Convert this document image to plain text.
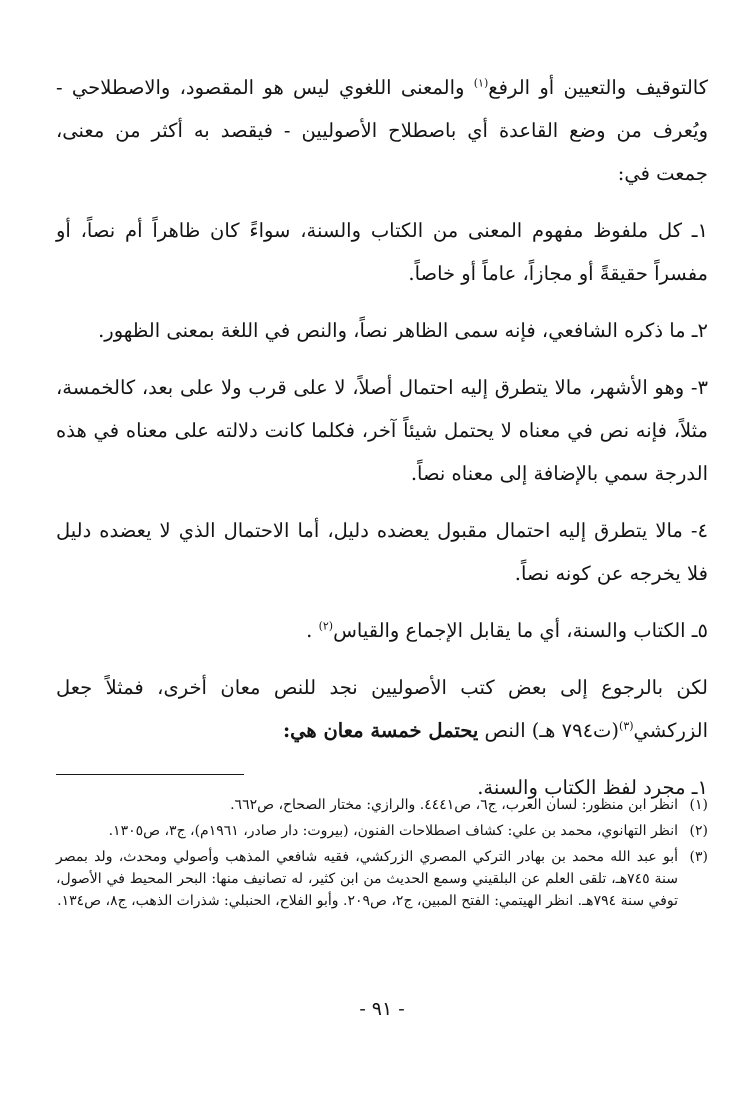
كالتوقيف والتعيين أو الرفع$^{(١)}$ والمعنى اللغوي ليس هو المقصود، والاصطلاحي - ويُعرف من وضع القاعدة أي باصطلاح الأصوليين - فيقصد به أكثر من معنى، جمعت في:

١ـ كل ملفوظ مفهوم المعنى من الكتاب والسنة، سواءً كان ظاهراً أم نصاً، أو مفسراً حقيقةً أو مجازاً، عاماً أو خاصاً.

٢ـ ما ذكره الشافعي، فإنه سمى الظاهر نصاً، والنص في اللغة بمعنى الظهور.

٣- وهو الأشهر، مالا يتطرق إليه احتمال أصلاً، لا على قرب ولا على بعد، كالخمسة، مثلاً، فإنه نص في معناه لا يحتمل شيئاً آخر، فكلما كانت دلالته على معناه في هذه الدرجة سمي بالإضافة إلى معناه نصاً.

٤- مالا يتطرق إليه احتمال مقبول يعضده دليل، أما الاحتمال الذي لا يعضده دليل فلا يخرجه عن كونه نصاً.

٥ـ الكتاب والسنة، أي ما يقابل الإجماع والقياس$^{(٢)}$ .

لكن بالرجوع إلى بعض كتب الأصوليين نجد للنص معان أخرى، فمثلاً جعل الزركشي$^{(٣)}$(ت٧٩٤ هـ) النص يحتمل خمسة معان هي:

١ـ مجرد لفظ الكتاب والسنة.

(١)
انظر ابن منظور: لسان العرب، ج٦، ص٤٤٤١. والرازي: مختار الصحاح، ص٦٦٢.
(٢)
انظر التهانوي، محمد بن علي: كشاف اصطلاحات الفنون، (بيروت: دار صادر، ١٩٦١م)، ج٣، ص١٣٠٥.
(٣)
أبو عبد الله محمد بن بهادر التركي المصري الزركشي، فقيه شافعي المذهب وأصولي ومحدث، ولد بمصر سنة ٧٤٥هـ، تلقى العلم عن البلقيني وسمع الحديث من ابن كثير، له تصانيف منها: البحر المحيط في الأصول، توفي سنة ٧٩٤هـ. انظر الهيتمي: الفتح المبين، ج٢، ص٢٠٩. وأبو الفلاح، الحنبلي: شذرات الذهب، ج٨، ص١٣٤.
- ٩١ -
